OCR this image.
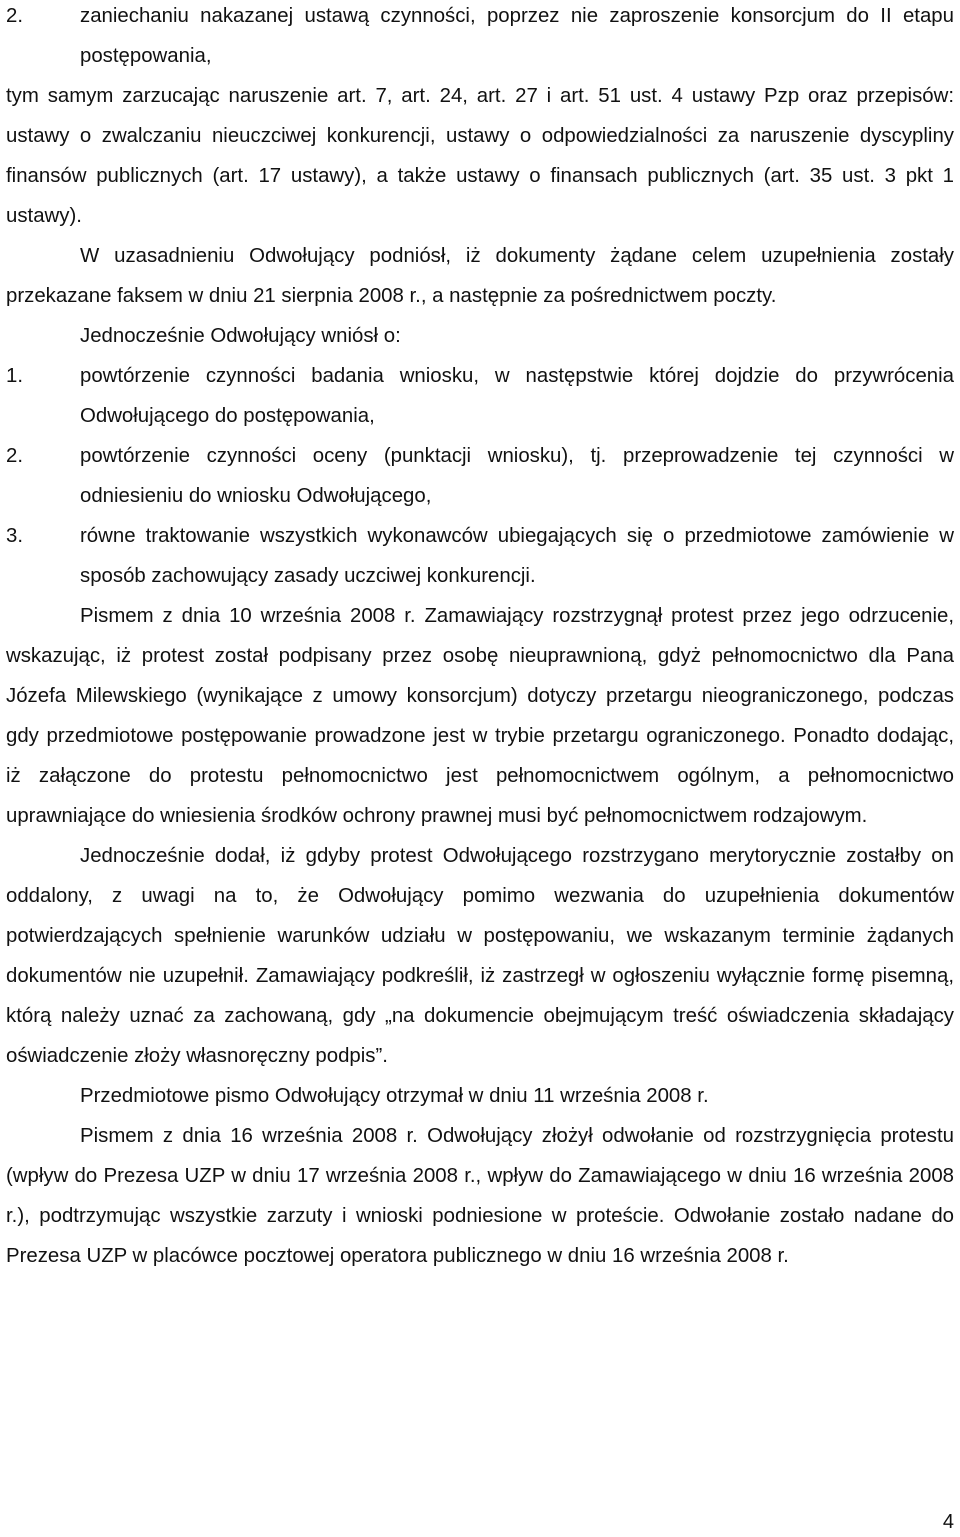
2.	zaniechaniu nakazanej ustawą czynności, poprzez nie zaproszenie konsorcjum do II etapu postępowania,

tym samym zarzucając naruszenie art. 7, art. 24, art. 27 i art. 51 ust. 4 ustawy Pzp oraz przepisów: ustawy o zwalczaniu nieuczciwej konkurencji, ustawy o odpowiedzialności za naruszenie dyscypliny finansów publicznych (art. 17 ustawy), a także ustawy o finansach publicznych (art. 35 ust. 3 pkt 1 ustawy).

W uzasadnieniu Odwołujący podniósł, iż dokumenty żądane celem uzupełnienia zostały przekazane faksem w dniu 21 sierpnia 2008 r., a następnie za pośrednictwem poczty.

Jednocześnie Odwołujący wniósł o:

1.	powtórzenie czynności badania wniosku, w następstwie której dojdzie do przywrócenia Odwołującego do postępowania,

2.	powtórzenie czynności oceny (punktacji wniosku), tj. przeprowadzenie tej czynności w odniesieniu do wniosku Odwołującego,

3.	równe traktowanie wszystkich wykonawców ubiegających się o przedmiotowe zamówienie w sposób zachowujący zasady uczciwej konkurencji.

Pismem z dnia 10 września 2008 r. Zamawiający rozstrzygnął protest przez jego odrzucenie, wskazując, iż protest został podpisany przez osobę nieuprawnioną, gdyż pełnomocnictwo dla Pana Józefa Milewskiego (wynikające z umowy konsorcjum) dotyczy przetargu nieograniczonego, podczas gdy przedmiotowe postępowanie prowadzone jest w trybie przetargu ograniczonego. Ponadto dodając, iż załączone do protestu pełnomocnictwo jest pełnomocnictwem ogólnym, a pełnomocnictwo uprawniające do wniesienia środków ochrony prawnej musi być pełnomocnictwem rodzajowym.

Jednocześnie dodał, iż gdyby protest Odwołującego rozstrzygano merytorycznie zostałby on oddalony, z uwagi na to, że Odwołujący pomimo wezwania do uzupełnienia dokumentów potwierdzających spełnienie warunków udziału w postępowaniu, we wskazanym terminie żądanych dokumentów nie uzupełnił. Zamawiający podkreślił, iż zastrzegł w ogłoszeniu wyłącznie formę pisemną, którą należy uznać za zachowaną, gdy „na dokumencie obejmującym treść oświadczenia składający oświadczenie złoży własnoręczny podpis”.

Przedmiotowe pismo Odwołujący otrzymał w dniu 11 września 2008 r.

Pismem z dnia 16 września 2008 r. Odwołujący złożył odwołanie od rozstrzygnięcia protestu (wpływ do Prezesa UZP w dniu 17 września 2008 r., wpływ do Zamawiającego w dniu 16 września 2008 r.), podtrzymując wszystkie zarzuty i wnioski podniesione w proteście. Odwołanie zostało nadane do Prezesa UZP w placówce pocztowej operatora publicznego w dniu 16 września 2008 r.

4
